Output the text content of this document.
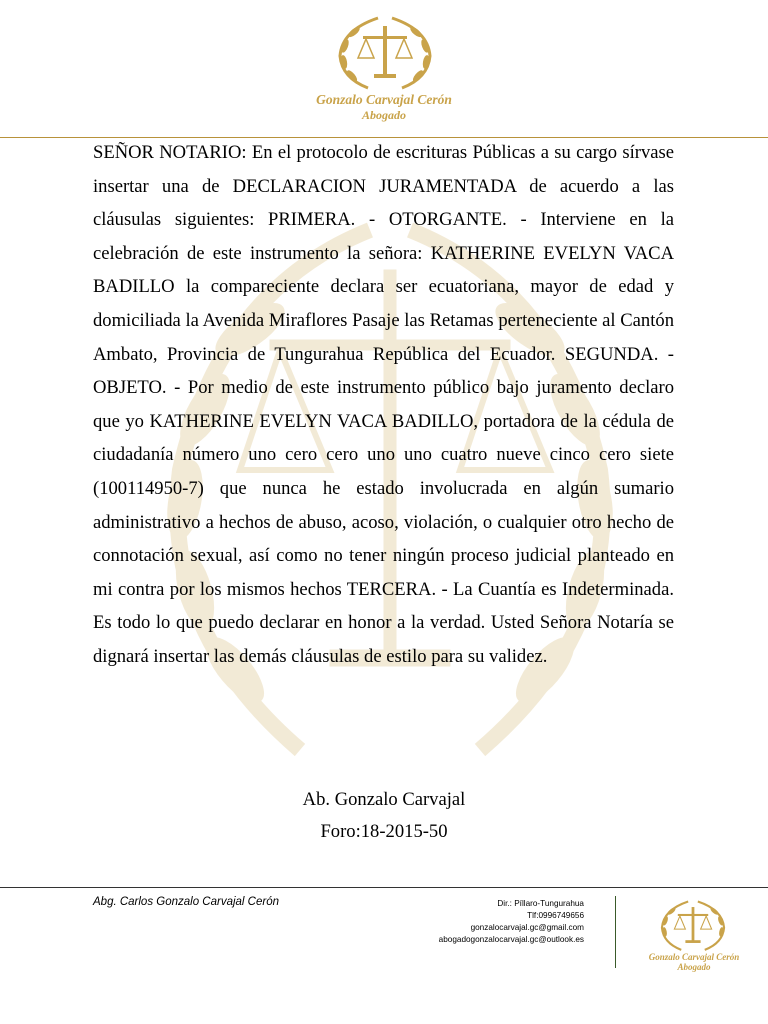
Gonzalo Carvajal Cerón
Abogado
SEÑOR NOTARIO: En el protocolo de escrituras Públicas a su cargo sírvase insertar una de DECLARACION JURAMENTADA de acuerdo a las cláusulas siguientes: PRIMERA. - OTORGANTE. - Interviene en la celebración de este instrumento la señora: KATHERINE EVELYN VACA BADILLO la compareciente declara ser ecuatoriana, mayor de edad y domiciliada la Avenida Miraflores Pasaje las Retamas perteneciente al Cantón Ambato, Provincia de Tungurahua República del Ecuador. SEGUNDA. - OBJETO. - Por medio de este instrumento público bajo juramento declaro que yo KATHERINE EVELYN VACA BADILLO, portadora de la cédula de ciudadanía número uno cero cero uno uno cuatro nueve cinco cero siete (100114950-7) que nunca he estado involucrada en algún sumario administrativo a hechos de abuso, acoso, violación, o cualquier otro hecho de connotación sexual, así como no tener ningún proceso judicial planteado en mi contra por los mismos hechos TERCERA. - La Cuantía es Indeterminada. Es todo lo que puedo declarar en honor a la verdad. Usted Señora Notaría se dignará insertar las demás cláusulas de estilo para su validez.
Ab. Gonzalo Carvajal
Foro:18-2015-50
Abg. Carlos Gonzalo Carvajal Cerón	Dir.: Píllaro-Tungurahua
Tlf:0996749656
gonzalocarvajal.gc@gmail.com
abogadogonzalocarvajal.gc@outlook.es
Gonzalo Carvajal Cerón
Abogado
